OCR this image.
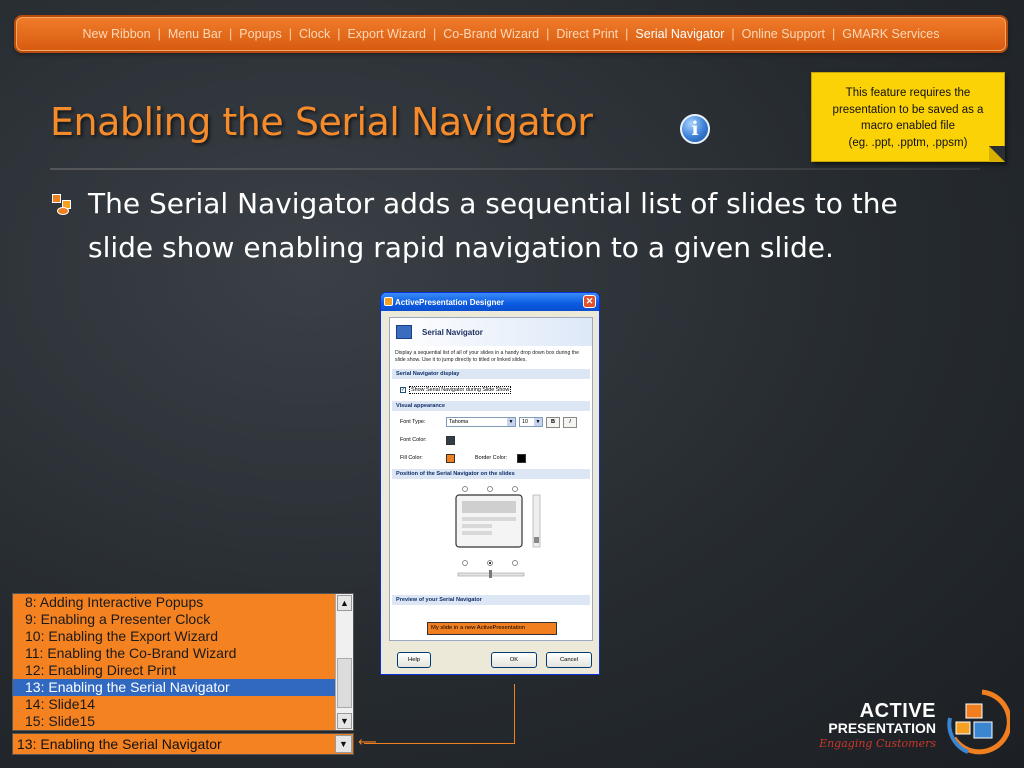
New Ribbon | Menu Bar | Popups | Clock | Export Wizard | Co-Brand Wizard | Direct Print | Serial Navigator | Online Support | GMARK Services
Enabling the Serial Navigator	i
This feature requires the
presentation to be saved as a
macro enabled file
(eg. .ppt, .pptm, .ppsm)
The Serial Navigator adds a sequential list of slides to the slide show enabling rapid navigation to a given slide.
ActivePresentation Designer	✕
Serial Navigator
Display a sequential list of all of your slides in a handy drop down box during the slide show. Use it to jump directly to titled or linked slides.
Serial Navigator display
✓	Show Serial Navigator during Slide Show
Visual appearance
Font Type:	Tahoma	▼	10	▼	B	I
Font Color:
Fill Color:	Border Color:
Position of the Serial Navigator on the slides
Preview of your Serial Navigator
My slide in a new ActivePresentation
Help	OK	Cancel
⟵
8: Adding Interactive Popups
9: Enabling a Presenter Clock
10: Enabling the Export Wizard
11: Enabling the Co-Brand Wizard
12: Enabling Direct Print
13: Enabling the Serial Navigator
14: Slide14
15: Slide15
▲
▼
13: Enabling the Serial Navigator	▼
ACTIVE
PRESENTATION
Engaging Customers
